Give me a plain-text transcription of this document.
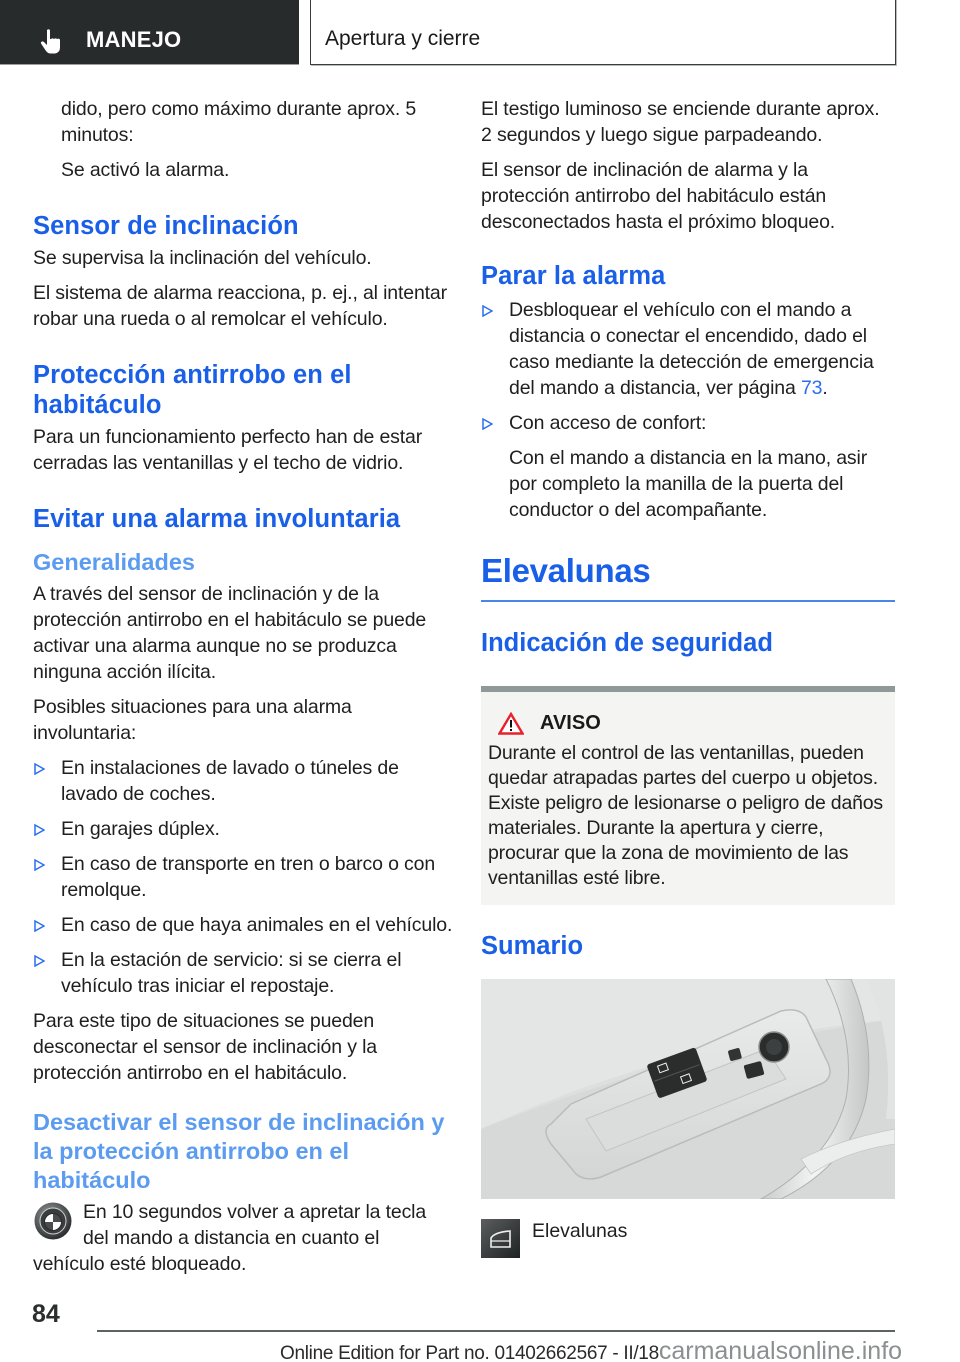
MANEJO	Apertura y cierre

dido, pero como máximo durante aprox. 5 minutos:

Se activó la alarma.

Sensor de inclinación

Se supervisa la inclinación del vehículo.

El sistema de alarma reacciona, p. ej., al intentar robar una rueda o al remolcar el vehículo.

Protección antirrobo en el habitáculo

Para un funcionamiento perfecto han de estar cerradas las ventanillas y el techo de vidrio.

Evitar una alarma involuntaria
Generalidades

A través del sensor de inclinación y de la protección antirrobo en el habitáculo se puede activar una alarma aunque no se produzca ninguna acción ilícita.

Posibles situaciones para una alarma involuntaria:

En instalaciones de lavado o túneles de lavado de coches.
En garajes dúplex.
En caso de transporte en tren o barco o con remolque.
En caso de que haya animales en el vehículo.
En la estación de servicio: si se cierra el vehículo tras iniciar el repostaje.

Para este tipo de situaciones se pueden desconectar el sensor de inclinación y la protección antirrobo en el habitáculo.

Desactivar el sensor de inclinación y la protección antirrobo en el habitáculo
En 10 segundos volver a apretar la tecla del mando a distancia en cuanto el vehículo esté bloqueado.

El testigo luminoso se enciende durante aprox. 2 segundos y luego sigue parpadeando.

El sensor de inclinación de alarma y la protección antirrobo del habitáculo están desconectados hasta el próximo bloqueo.

Parar la alarma
Desbloquear el vehículo con el mando a distancia o conectar el encendido, dado el caso mediante la detección de emergencia del mando a distancia, ver página 73.
Con acceso de confort:

Con el mando a distancia en la mano, asir por completo la manilla de la puerta del conductor o del acompañante.

Elevalunas
Indicación de seguridad
AVISO

Durante el control de las ventanillas, pueden quedar atrapadas partes del cuerpo u objetos. Existe peligro de lesionarse o peligro de daños materiales. Durante la apertura y cierre, procurar que la zona de movimiento de las ventanillas esté libre.

Sumario
Elevalunas
84
Online Edition for Part no. 01402662567 - II/18carmanualsonline.info
